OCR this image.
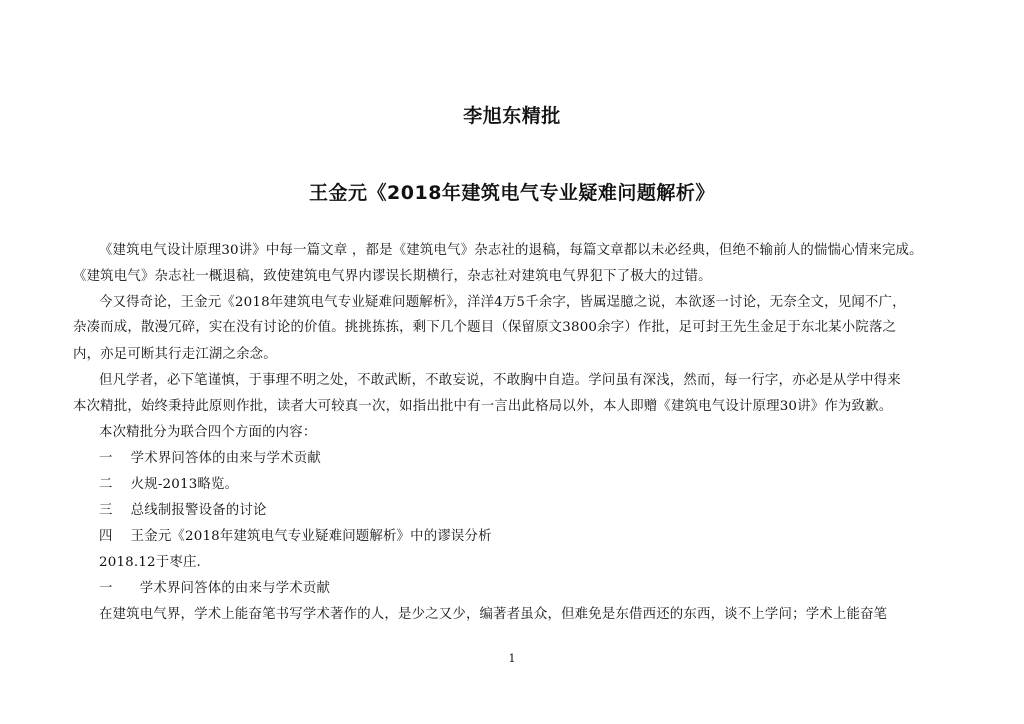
李旭东精批
王金元《2018年建筑电气专业疑难问题解析》
《建筑电气设计原理30讲》中每一篇文章 ，都是《建筑电气》杂志社的退稿，每篇文章都以未必经典，但绝不输前人的惴惴心情来完成。
《建筑电气》杂志社一概退稿，致使建筑电气界内谬误长期横行，杂志社对建筑电气界犯下了极大的过错。
今又得奇论，王金元《2018年建筑电气专业疑难问题解析》，洋洋4万5千余字，皆属逞臆之说，本欲逐一讨论，无奈全文，见闻不广，
杂凑而成，散漫冗碎，实在没有讨论的价值。挑挑拣拣，剩下几个题目（保留原文3800余字）作批，足可封王先生金足于东北某小院落之
内，亦足可断其行走江湖之余念。
但凡学者，必下笔谨慎，于事理不明之处，不敢武断，不敢妄说，不敢胸中自造。学问虽有深浅，然而，每一行字，亦必是从学中得来
本次精批，始终秉持此原则作批，读者大可较真一次，如指出批中有一言出此格局以外，本人即赠《建筑电气设计原理30讲》作为致歉。
本次精批分为联合四个方面的内容：
一　 学术界问答体的由来与学术贡献
二　 火规-2013略览。
三　 总线制报警设备的讨论
四　 王金元《2018年建筑电气专业疑难问题解析》中的谬误分析
2018.12于枣庄.
一　　学术界问答体的由来与学术贡献
在建筑电气界，学术上能奋笔书写学术著作的人，是少之又少，编著者虽众，但难免是东借西还的东西，谈不上学问；学术上能奋笔
1
